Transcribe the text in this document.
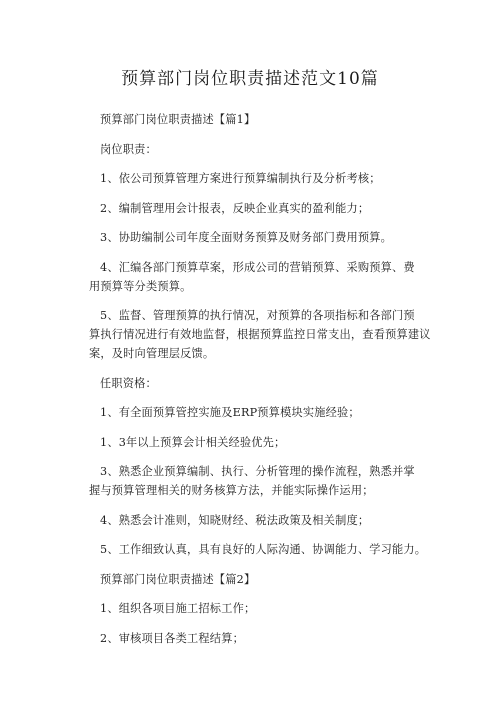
预算部门岗位职责描述范文10篇
预算部门岗位职责描述【篇1】
岗位职责：
1、依公司预算管理方案进行预算编制执行及分析考核；
2、编制管理用会计报表，反映企业真实的盈利能力；
3、协助编制公司年度全面财务预算及财务部门费用预算。
4、汇编各部门预算草案，形成公司的营销预算、采购预算、费
用预算等分类预算。
5、监督、管理预算的执行情况，对预算的各项指标和各部门预
算执行情况进行有效地监督，根据预算监控日常支出，查看预算建议
案，及时向管理层反馈。
任职资格：
1、有全面预算管控实施及ERP预算模块实施经验；
1、3年以上预算会计相关经验优先；
3、熟悉企业预算编制、执行、分析管理的操作流程，熟悉并掌
握与预算管理相关的财务核算方法，并能实际操作运用；
4、熟悉会计准则，知晓财经、税法政策及相关制度；
5、工作细致认真，具有良好的人际沟通、协调能力、学习能力。
预算部门岗位职责描述【篇2】
1、组织各项目施工招标工作；
2、审核项目各类工程结算；
